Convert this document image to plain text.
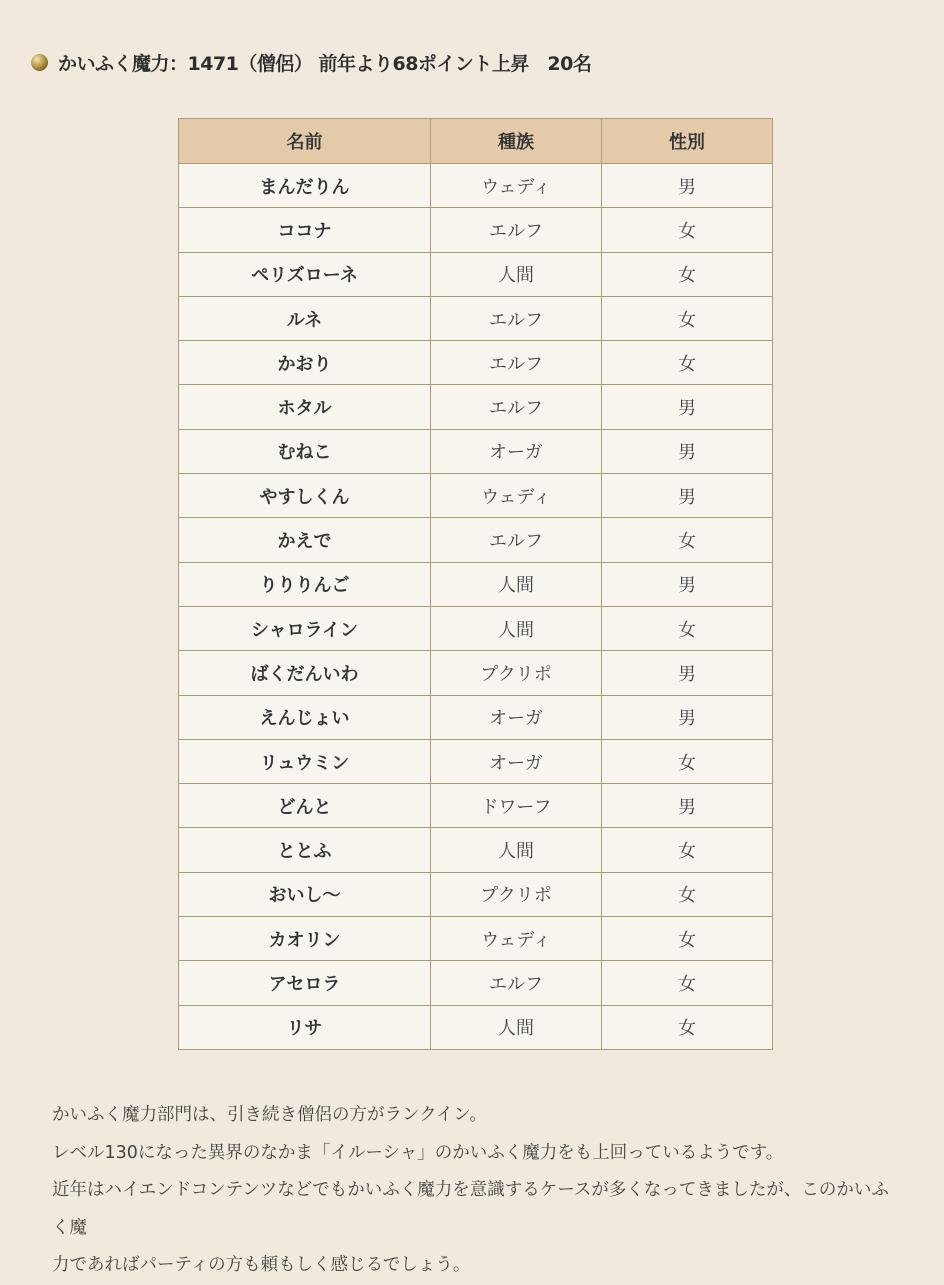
かいふく魔力：1471（僧侶） 前年より68ポイント上昇　20名
名前	種族	性別
まんだりん	ウェディ	男
ココナ	エルフ	女
ペリズローネ	人間	女
ルネ	エルフ	女
かおり	エルフ	女
ホタル	エルフ	男
むねこ	オーガ	男
やすしくん	ウェディ	男
かえで	エルフ	女
りりりんご	人間	男
シャロライン	人間	女
ばくだんいわ	プクリポ	男
えんじょい	オーガ	男
リュウミン	オーガ	女
どんと	ドワーフ	男
ととふ	人間	女
おいし～	プクリポ	女
カオリン	ウェディ	女
アセロラ	エルフ	女
リサ	人間	女

かいふく魔力部門は、引き続き僧侶の方がランクイン。

レベル130になった異界のなかま「イルーシャ」のかいふく魔力をも上回っているようです。

近年はハイエンドコンテンツなどでもかいふく魔力を意識するケースが多くなってきましたが、このかいふく魔

力であればパーティの方も頼もしく感じるでしょう。
